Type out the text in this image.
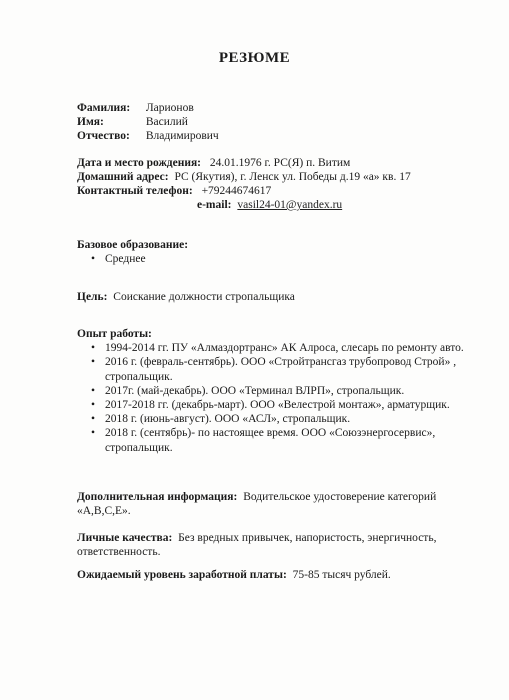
РЕЗЮМЕ
Фамилия: Ларионов
Имя:	Василий
Отчество: Владимирович
Дата и место рождения: 24.01.1976 г. РС(Я) п. Витим
Домашний адрес: РС (Якутия), г. Ленск ул. Победы д.19 «а» кв. 17
Контактный телефон: +79244674617
e-mail: vasil24-01@yandex.ru
Базовое образование:
• Среднее
Цель: Соискание должности стропальщика
Опыт работы:
• 1994-2014 гг. ПУ «Алмаздортранс» АК Алроса, слесарь по ремонту авто.
• 2016 г. (февраль-сентябрь). ООО «Стройтрансгаз трубопровод Строй» ,
стропальщик.
• 2017г. (май-декабрь). ООО «Терминал ВЛРП», стропальщик.
• 2017-2018 гг. (декабрь-март). ООО «Велестрой монтаж», арматурщик.
• 2018 г. (июнь-август). ООО «АСЛ», стропальщик.
• 2018 г. (сентябрь)- по настоящее время. ООО «Союзэнергосервис»,
стропальщик.
Дополнительная информация: Водительское удостоверение категорий
«А,В,С,Е».
Личные качества: Без вредных привычек, напористость, энергичность,
ответственность.
Ожидаемый уровень заработной платы: 75-85 тысяч рублей.
